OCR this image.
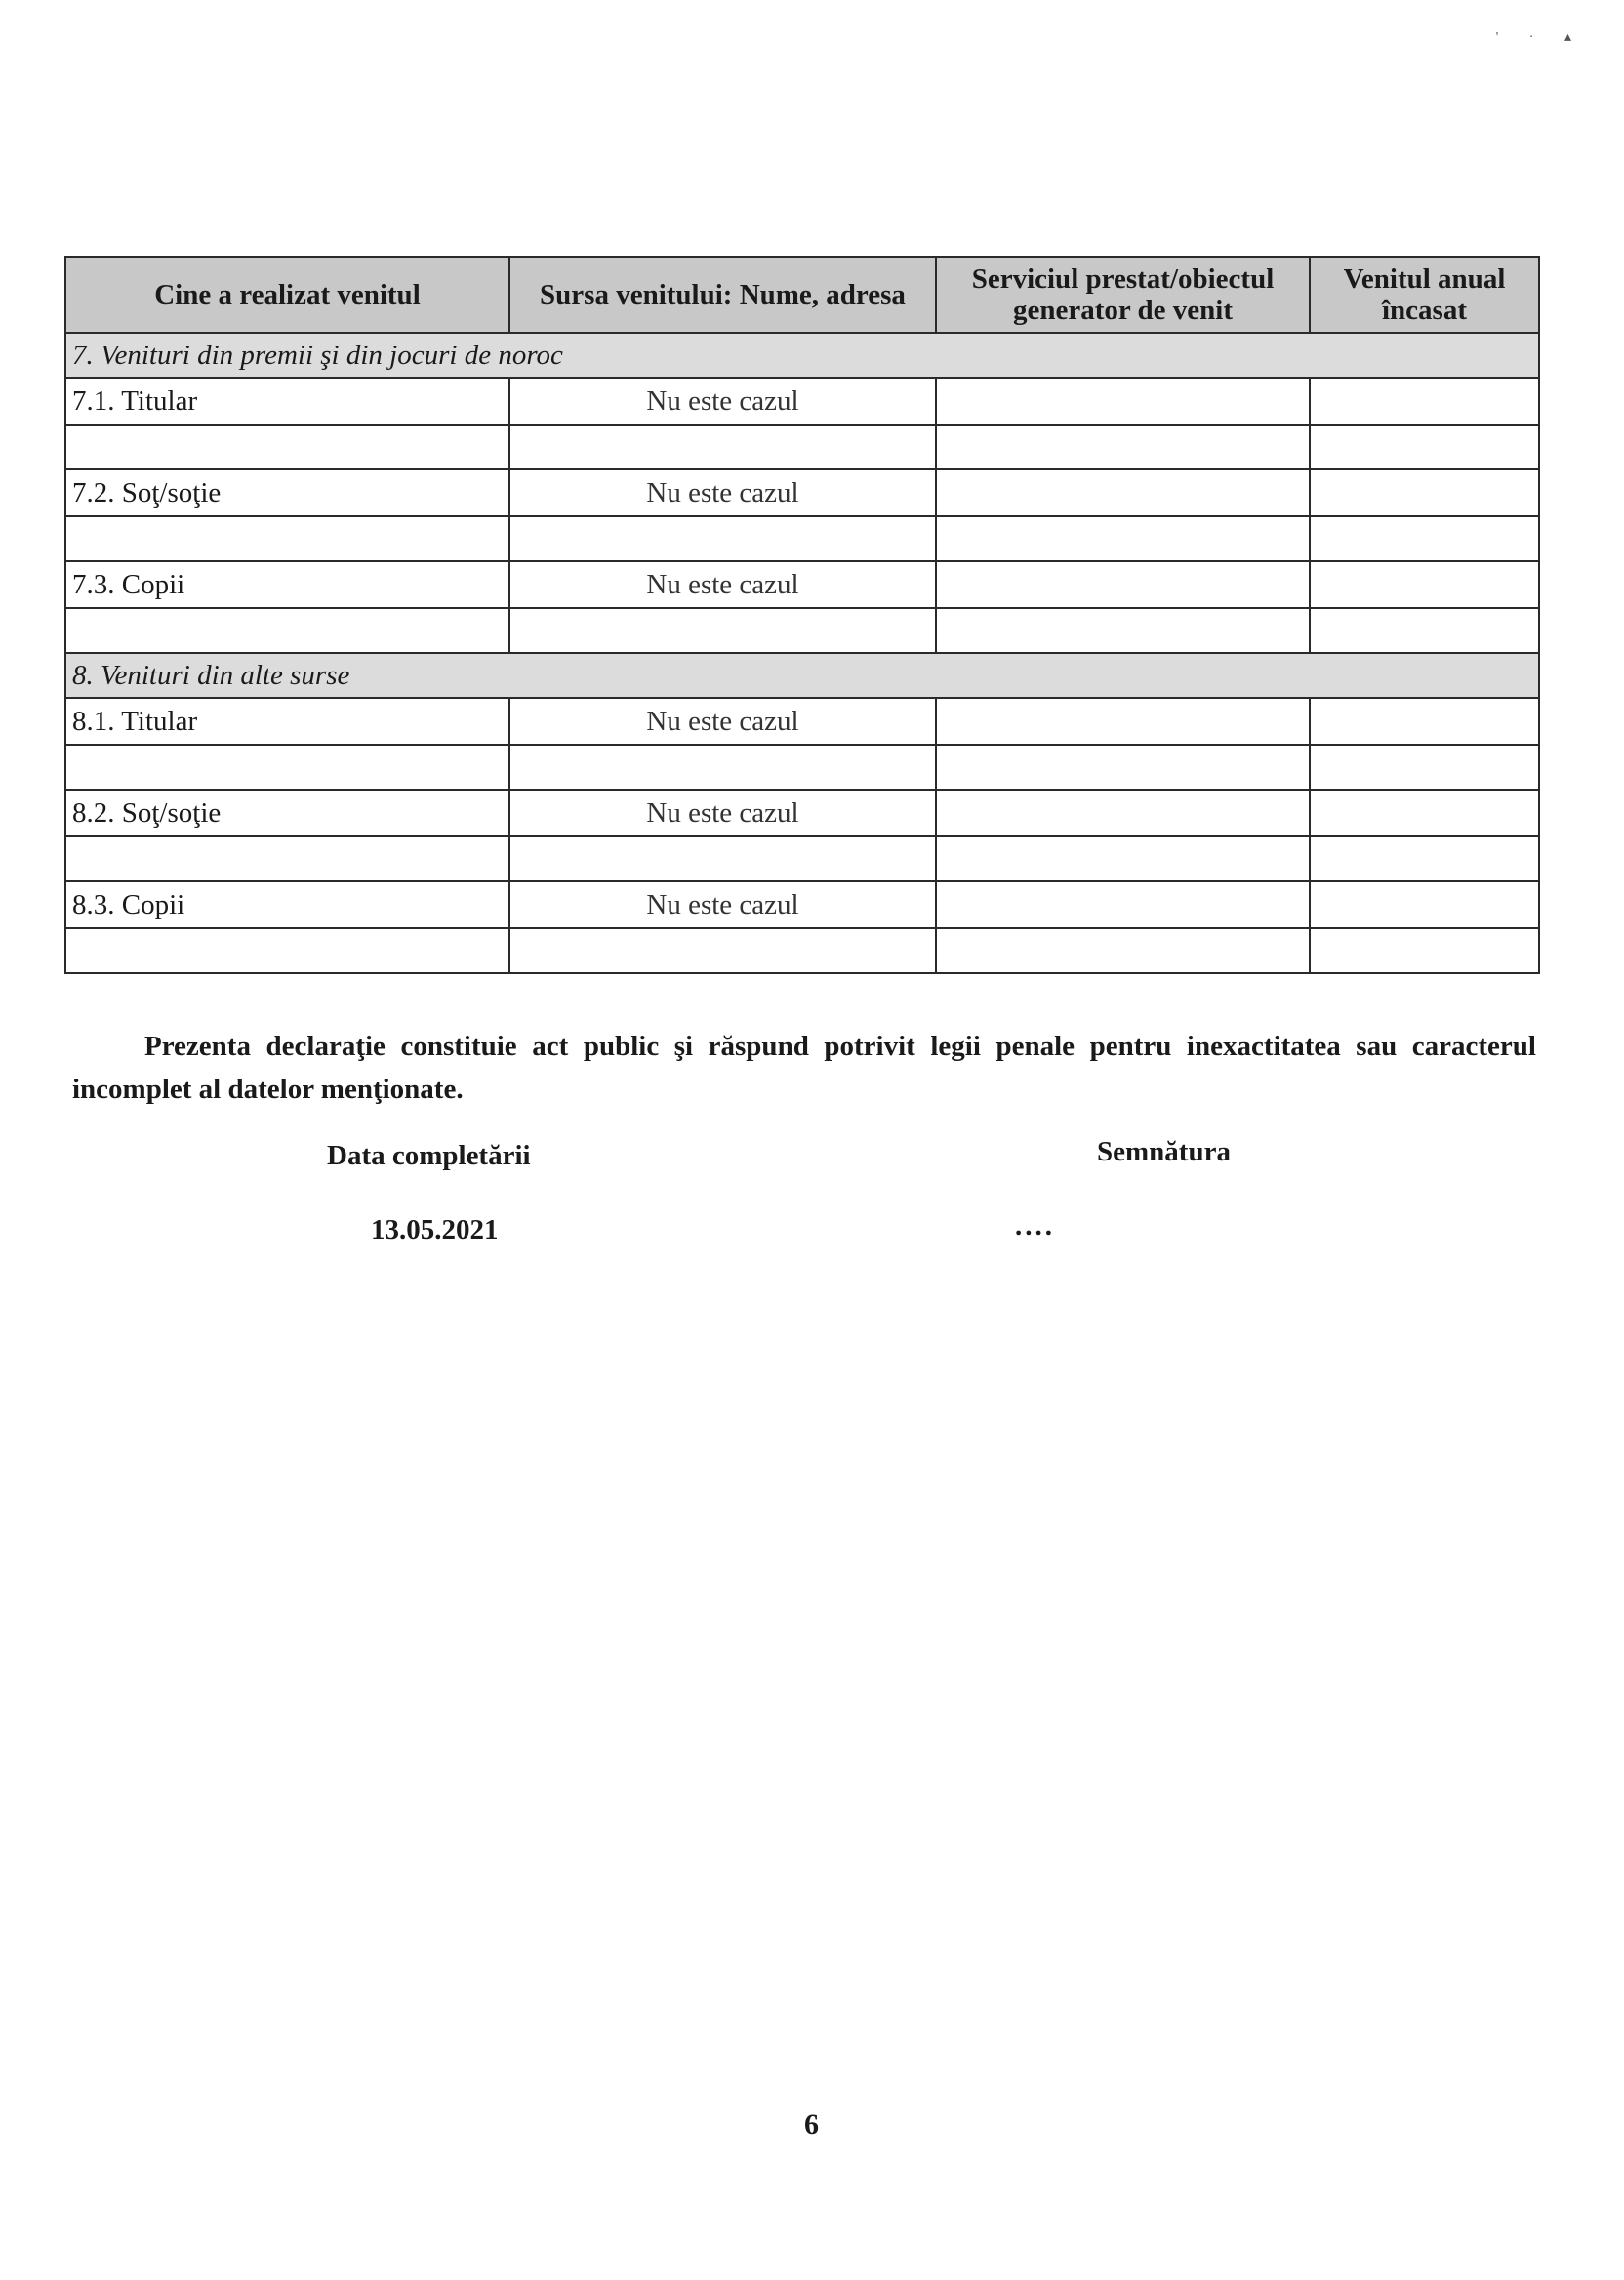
' · ▴
Cine a realizat venitul	Sursa venitului: Nume, adresa	Serviciul prestat/obiectul generator de venit	Venitul anual încasat
7. Venituri din premii şi din jocuri de noroc			
7.1. Titular	Nu este cazul		

7.2. Soţ/soţie	Nu este cazul		

7.3. Copii	Nu este cazul		

8. Venituri din alte surse			
8.1. Titular	Nu este cazul		

8.2. Soţ/soţie	Nu este cazul		

8.3. Copii	Nu este cazul		

Prezenta declaraţie constituie act public şi răspund potrivit legii penale pentru inexactitatea sau caracterul incomplet al datelor menţionate.
Data completării	Semnătura
13.05.2021	....
6
